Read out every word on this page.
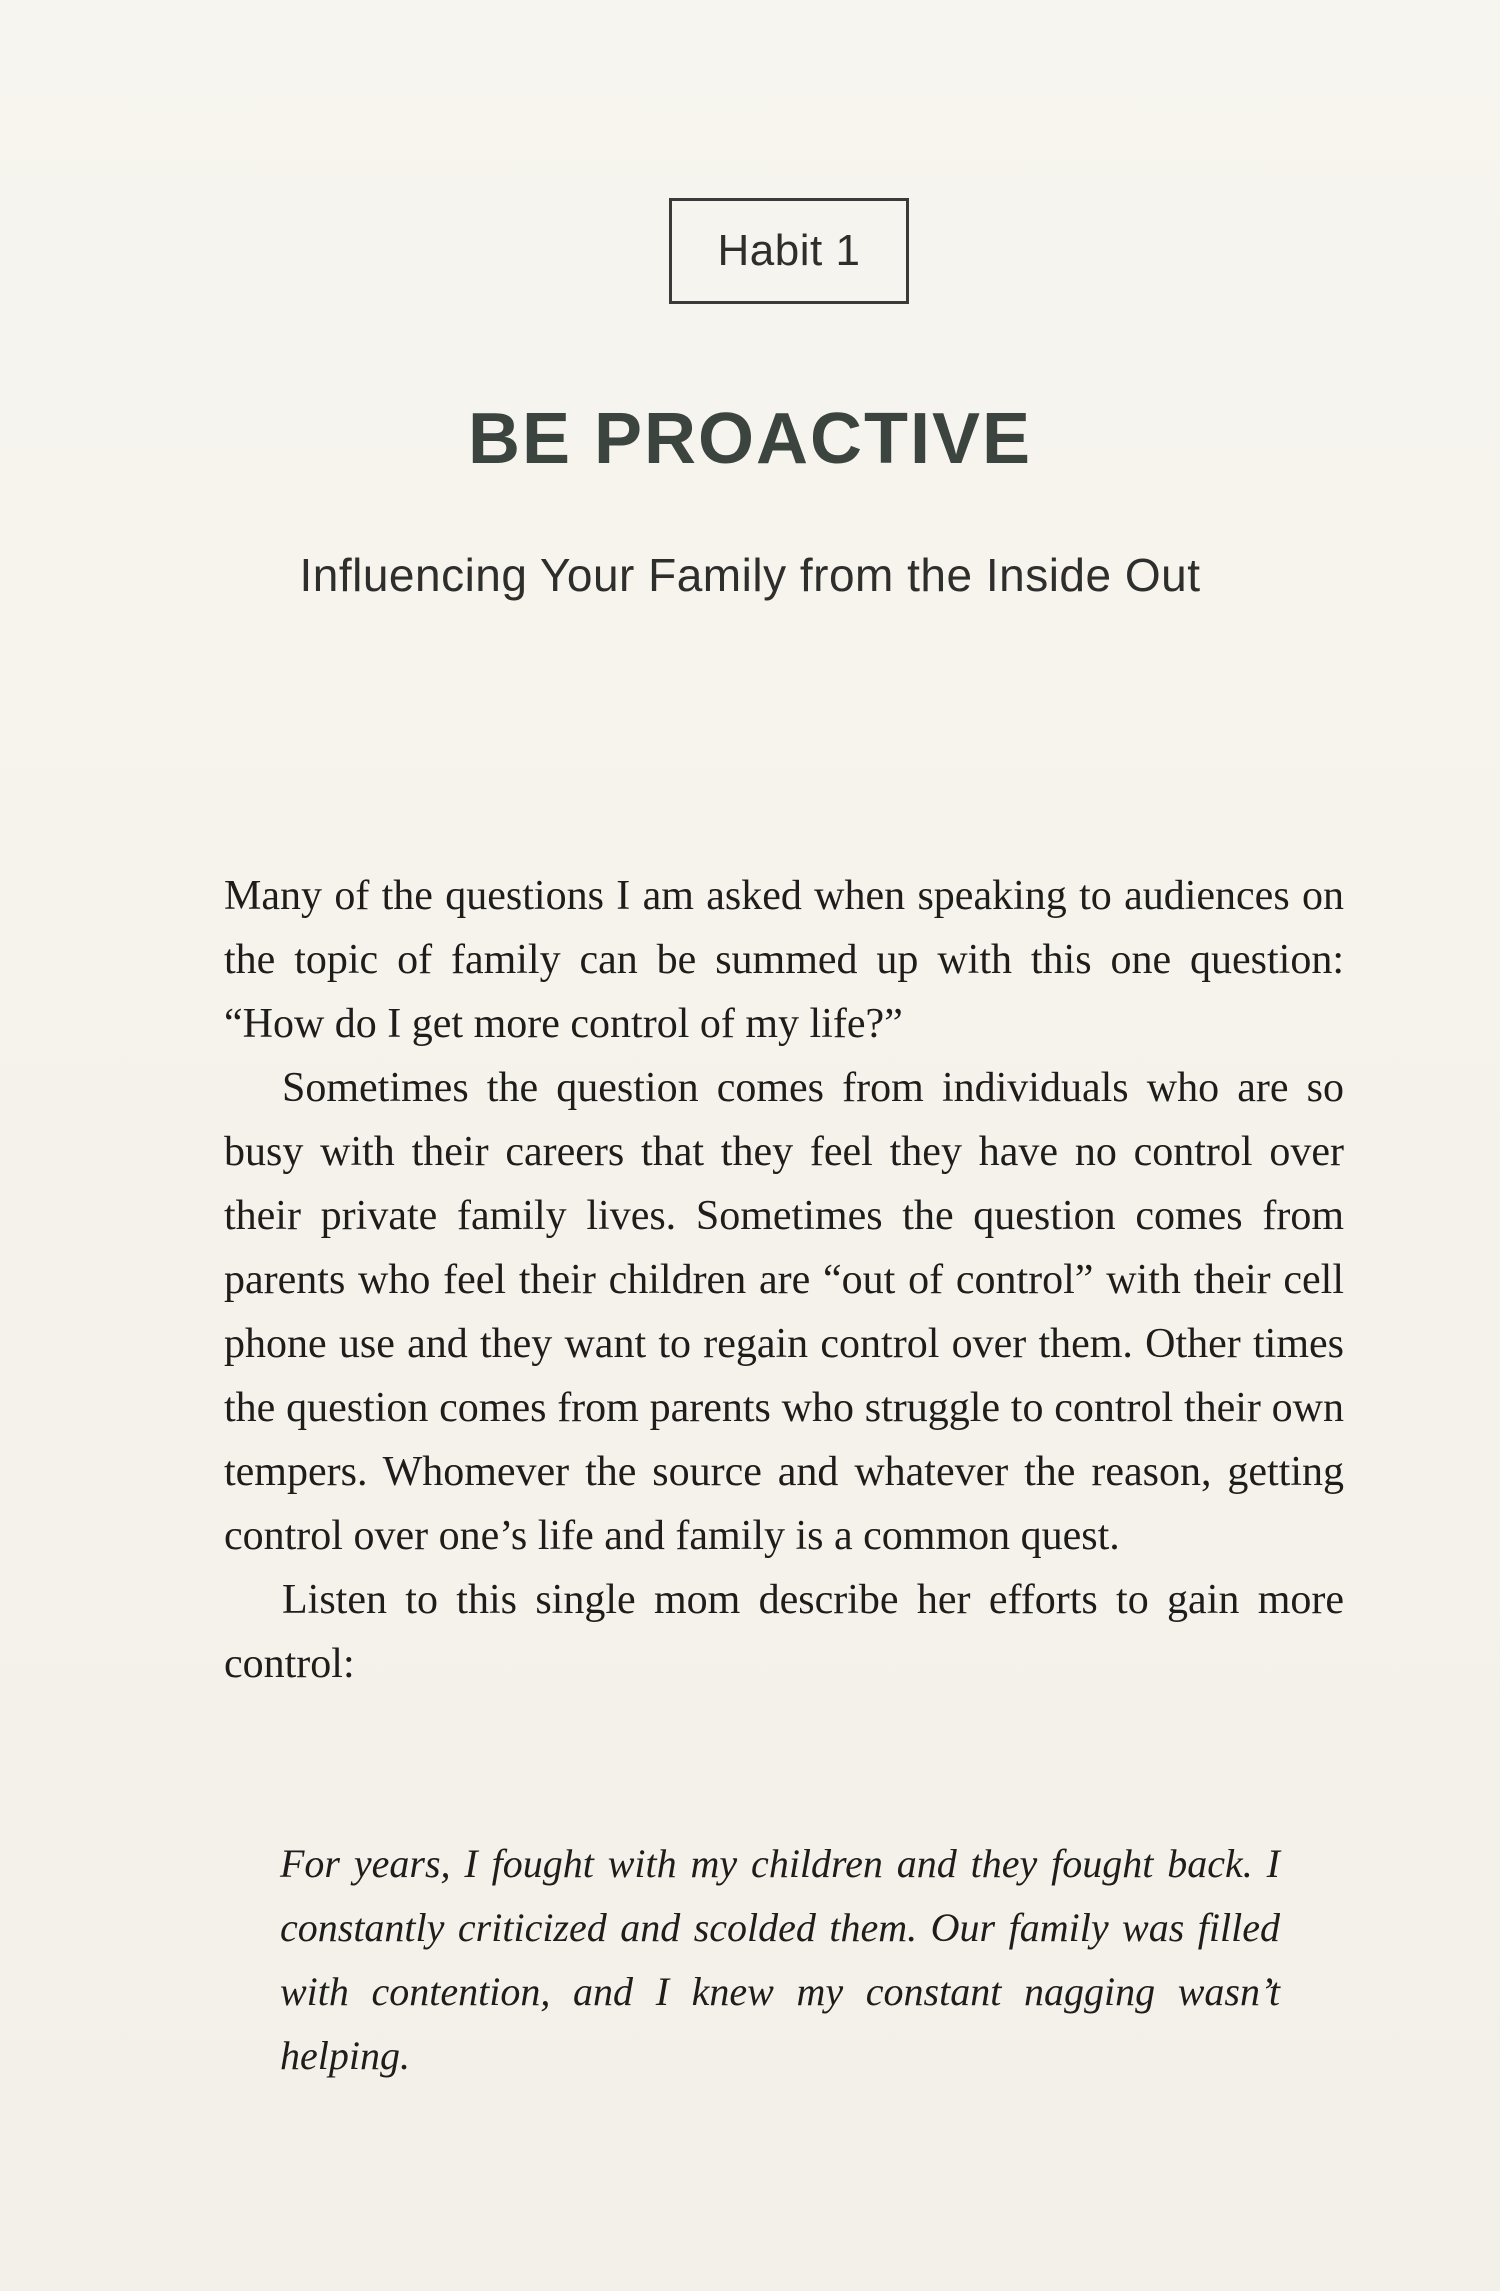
Habit 1
BE PROACTIVE
Influencing Your Family from the Inside Out

Many of the questions I am asked when speaking to audiences on the topic of family can be summed up with this one question: “How do I get more control of my life?”

Sometimes the question comes from individuals who are so busy with their careers that they feel they have no control over their private family lives. Sometimes the question comes from parents who feel their children are “out of control” with their cell phone use and they want to regain control over them. Other times the question comes from parents who struggle to control their own tempers. Whomever the source and whatever the reason, getting control over one’s life and family is a common quest.

Listen to this single mom describe her efforts to gain more control:

For years, I fought with my children and they fought back. I constantly criticized and scolded them. Our family was filled with contention, and I knew my constant nagging wasn’t helping.
